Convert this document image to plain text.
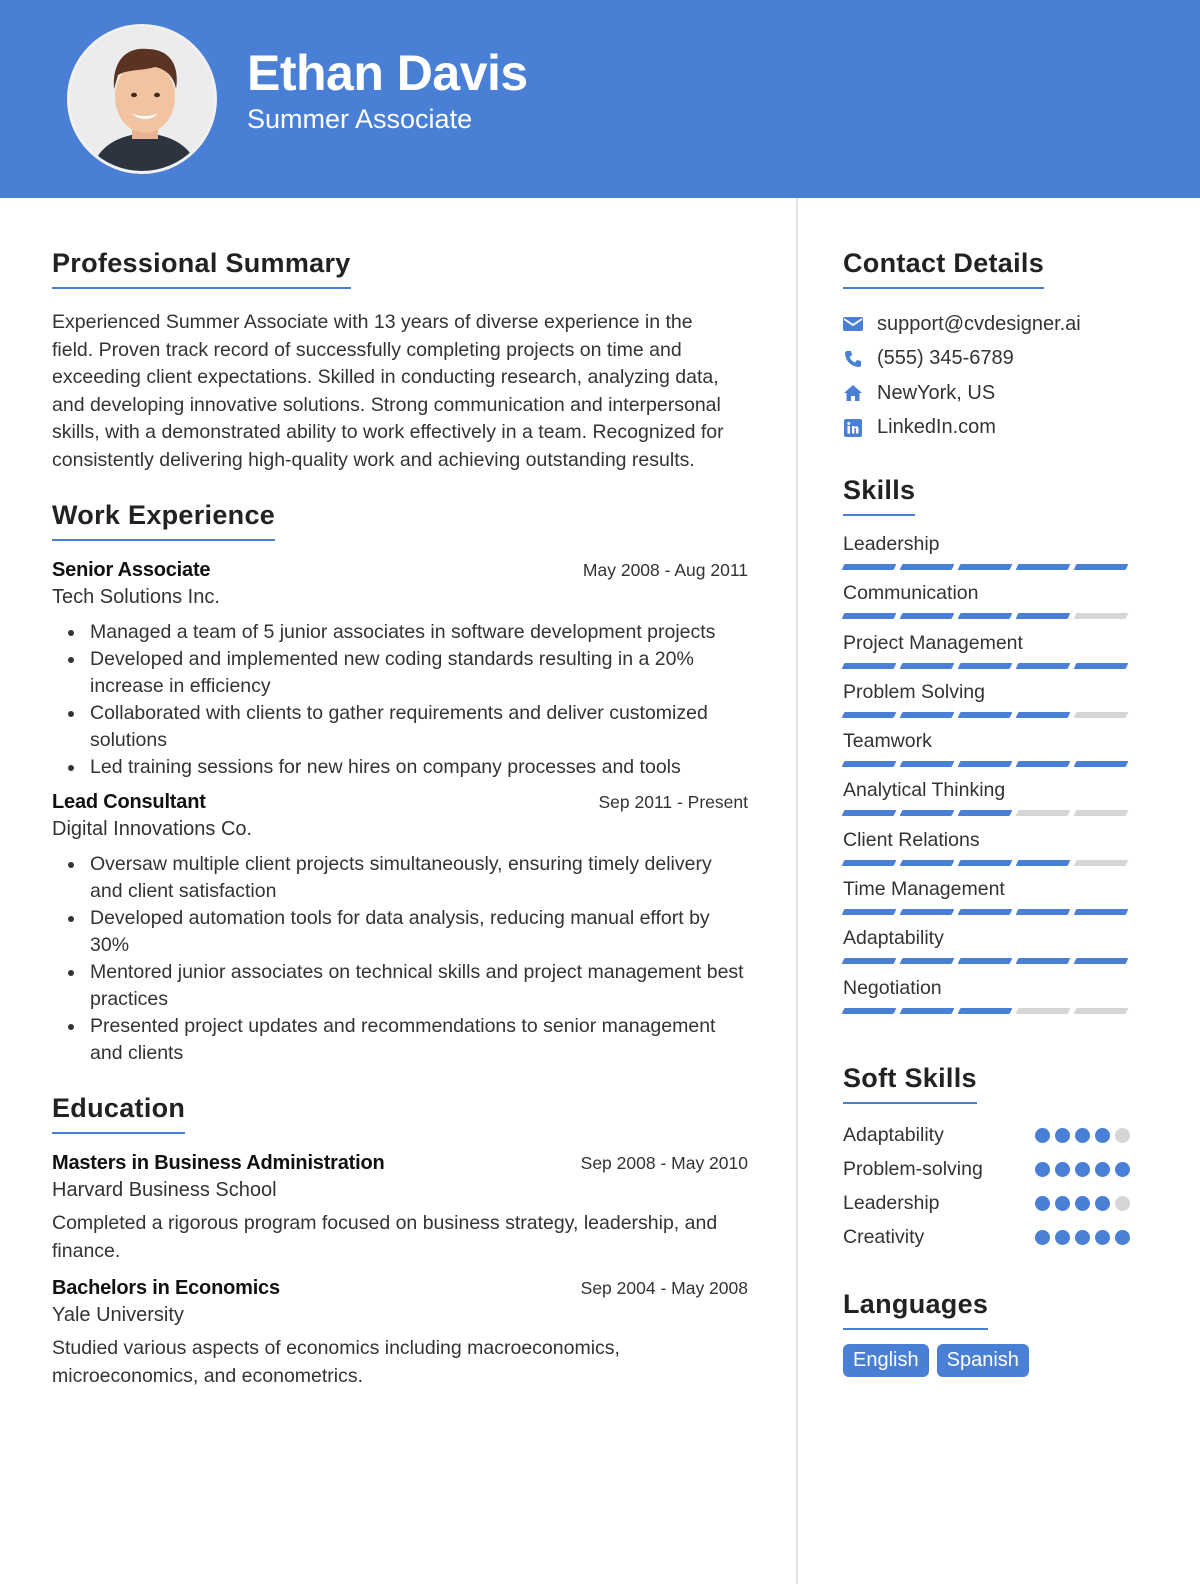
Ethan Davis
Summer Associate
Professional Summary

Experienced Summer Associate with 13 years of diverse experience in the field. Proven track record of successfully completing projects on time and exceeding client expectations. Skilled in conducting research, analyzing data, and developing innovative solutions. Strong communication and interpersonal skills, with a demonstrated ability to work effectively in a team. Recognized for consistently delivering high-quality work and achieving outstanding results.

Work Experience
Senior Associate	May 2008 - Aug 2011
Tech Solutions Inc.
Managed a team of 5 junior associates in software development projects
Developed and implemented new coding standards resulting in a 20% increase in efficiency
Collaborated with clients to gather requirements and deliver customized solutions
Led training sessions for new hires on company processes and tools
Lead Consultant	Sep 2011 - Present
Digital Innovations Co.
Oversaw multiple client projects simultaneously, ensuring timely delivery and client satisfaction
Developed automation tools for data analysis, reducing manual effort by 30%
Mentored junior associates on technical skills and project management best practices
Presented project updates and recommendations to senior management and clients
Education
Masters in Business Administration	Sep 2008 - May 2010
Harvard Business School

Completed a rigorous program focused on business strategy, leadership, and finance.

Bachelors in Economics	Sep 2004 - May 2008
Yale University

Studied various aspects of economics including macroeconomics, microeconomics, and econometrics.

Contact Details
support@cvdesigner.ai
(555) 345-6789
NewYork, US
LinkedIn.com
Skills
Leadership
Communication
Project Management
Problem Solving
Teamwork
Analytical Thinking
Client Relations
Time Management
Adaptability
Negotiation
Soft Skills
Adaptability
Problem-solving
Leadership
Creativity
Languages
English	Spanish
